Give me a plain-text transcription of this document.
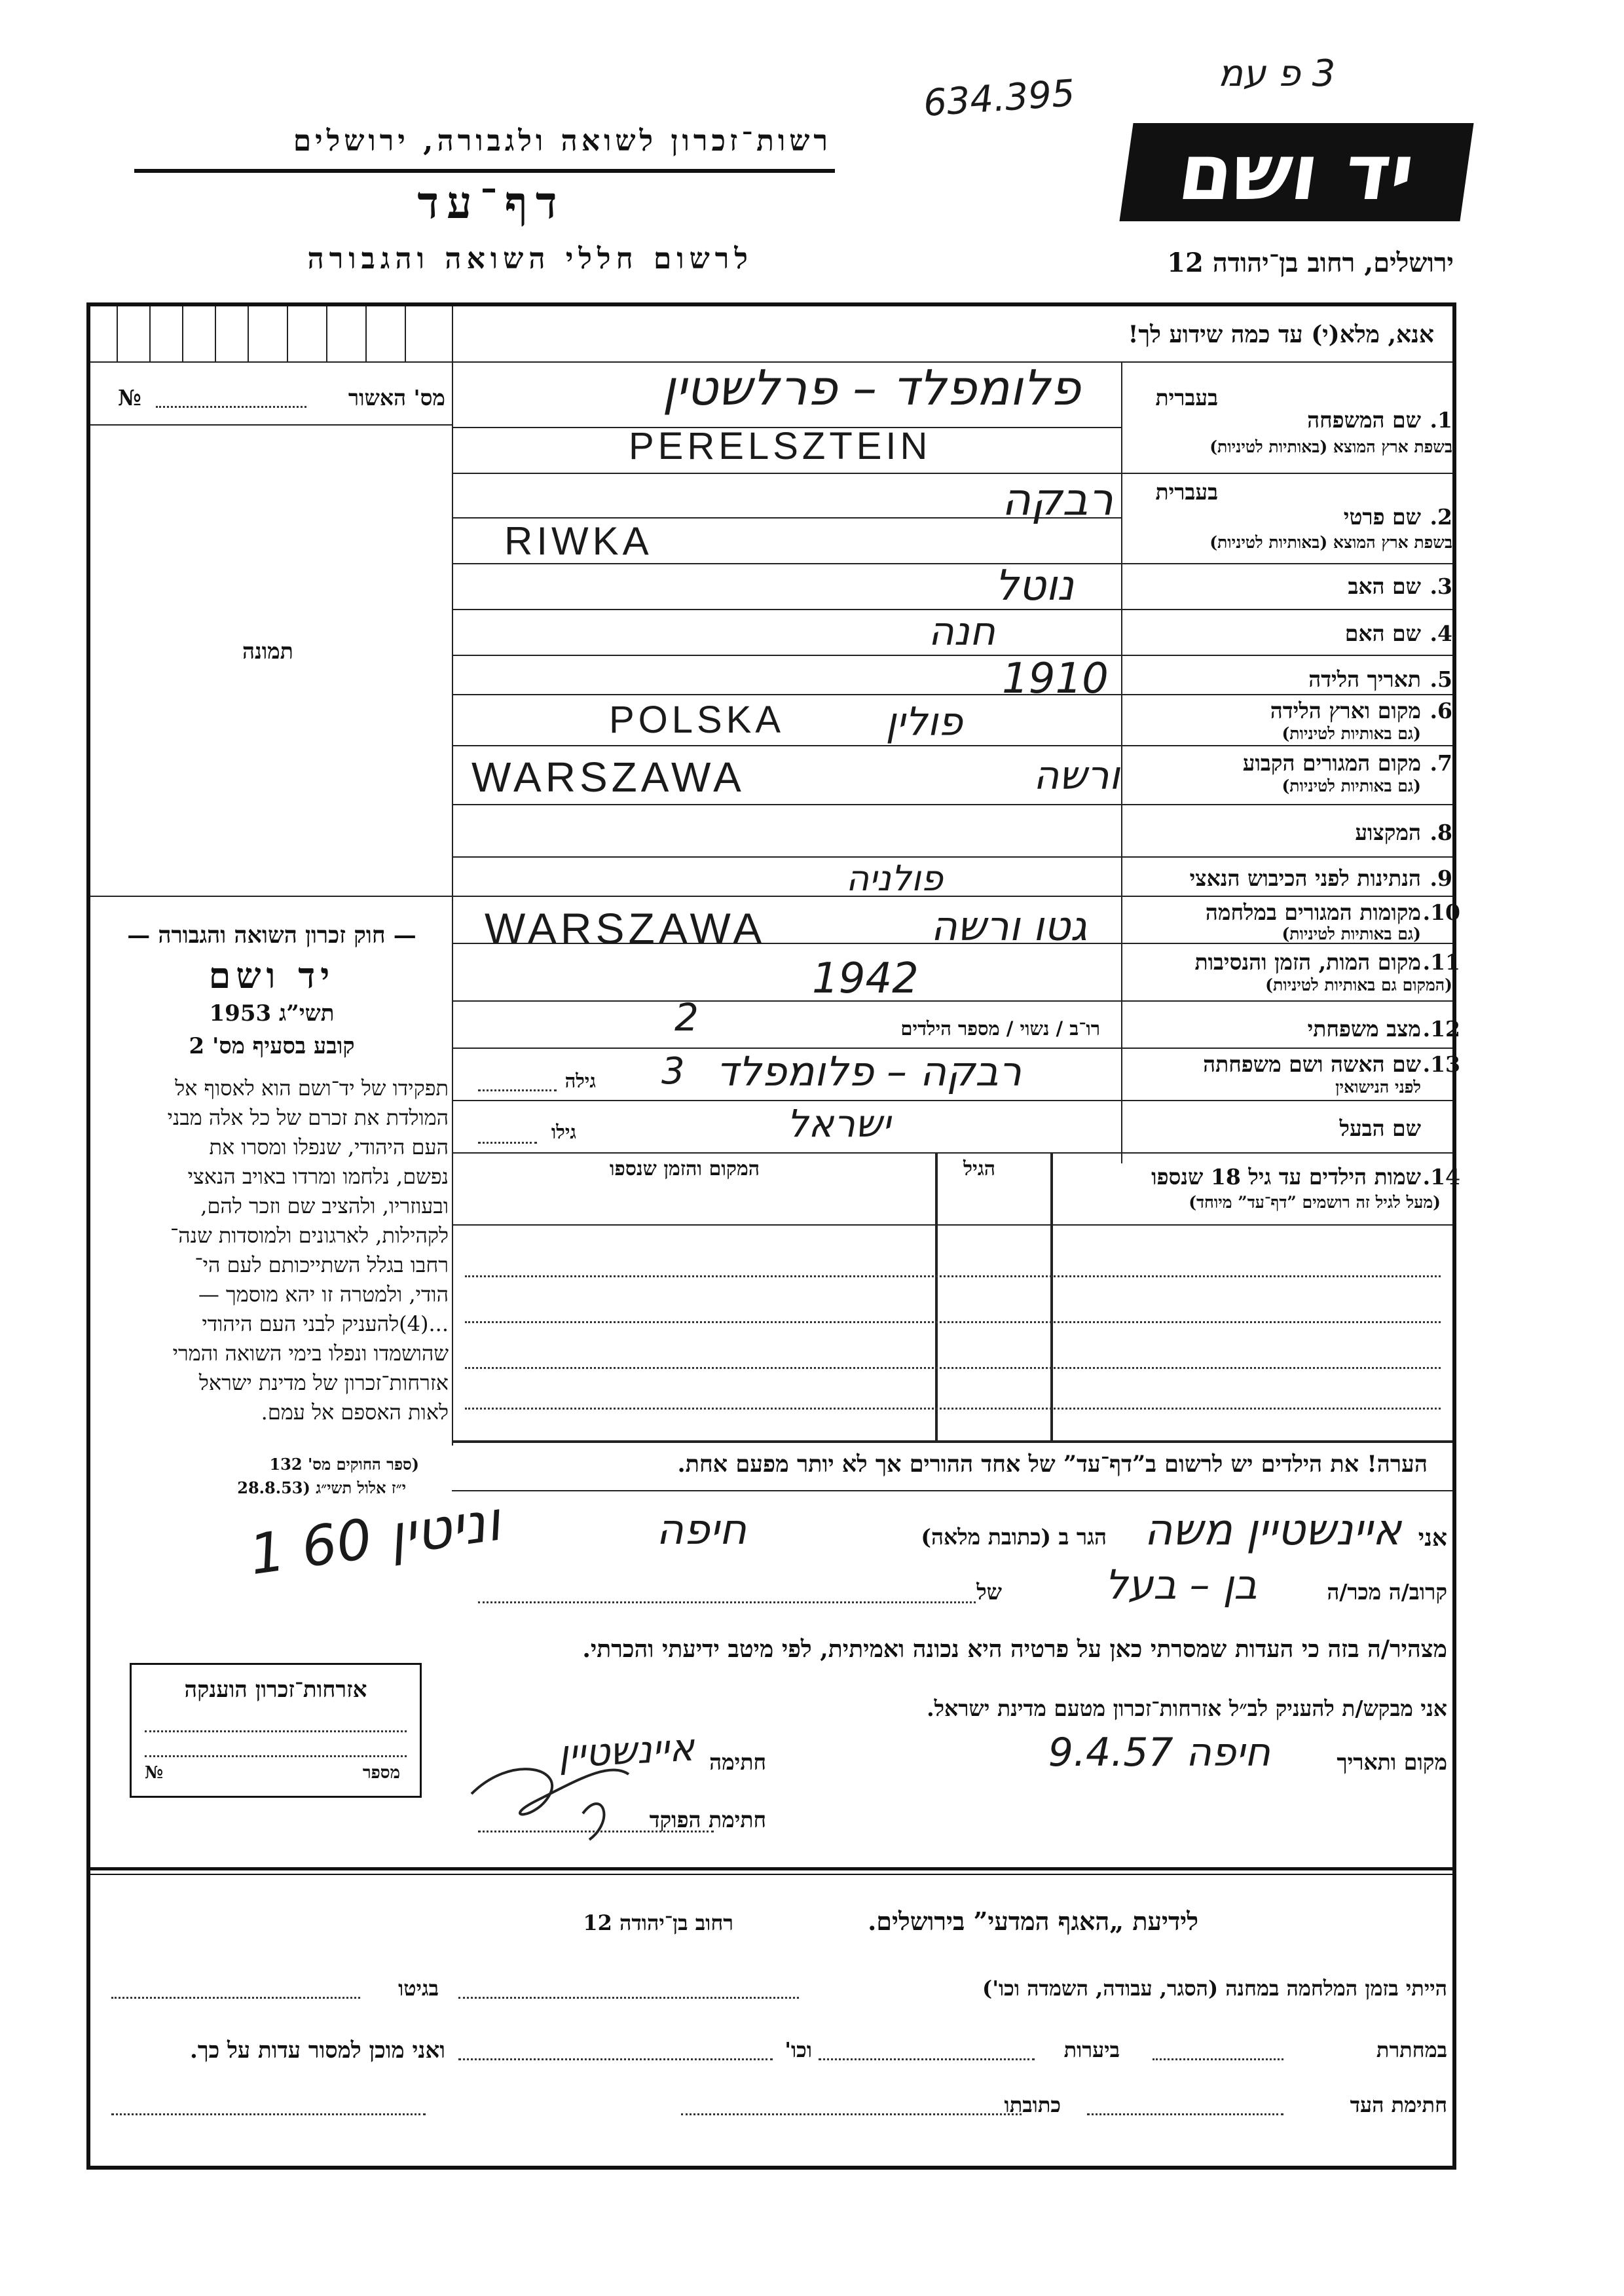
634.395	3 פ עמ
רשות־זכרון לשואה ולגבורה, ירושלים
דף־עד
לרשום חללי השואה והגבורה
יד ושם
ירושלים, רחוב בן־יהודה 12
אנא, מלא(י) עד כמה שידוע לך!
מס' האשור
№
תמונה
— חוק זכרון השואה והגבורה —
יד ושם
תשי”ג 1953
קובע בסעיף מס' 2
תפקידו של יד־ושם הוא לאסוף אל
המולדת את זכרם של כל אלה מבני
העם היהודי, שנפלו ומסרו את
נפשם, נלחמו ומרדו באויב הנאצי
ובעוזריו, ולהציב שם וזכר להם,
לקהילות, לארגונים ולמוסדות שנה־
רחבו בגלל השתייכותם לעם הי־
הודי, ולמטרה זו יהא מוסמך —
...(4)להעניק לבני העם היהודי
שהושמדו ונפלו בימי השואה והמרי
אזרחות־זכרון של מדינת ישראל
לאות האספם אל עמם.
(ספר החוקים מס' 132
י״ז אלול תשי״ג (28.8.53
1 וניטין 60
אזרחות־זכרון הוענקה
מספר
№
בעברית
1.
שם המשפחה
בשפת ארץ המוצא (באותיות לטיניות)
בעברית
2.
שם פרטי
בשפת ארץ המוצא (באותיות לטיניות)
3.
שם האב
4.
שם האם
5.
תאריך הלידה
6.
מקום וארץ הלידה
(גם באותיות לטיניות)
7.
מקום המגורים הקבוע
(גם באותיות לטיניות)
8.
המקצוע
9.
הנתינות לפני הכיבוש הנאצי
10.
מקומות המגורים במלחמה
(גם באותיות לטיניות)
11.
מקום המות, הזמן והנסיבות
(המקום גם באותיות לטיניות)
12.
מצב משפחתי
13.
שם האשה ושם משפחתה
לפני הנישואין
שם הבעל
רו־ב / נשוי / מספר הילדים
גילה
גילו
פלומפלד – פרלשטין
PERELSZTEIN
רבקה
RIWKA
נוטל
חנה
1910
פולין
POLSKA
ורשה
WARSZAWA
פולניה
גטו ורשה
WARSZAWA
1942
2
רבקה – פלומפלד
3
ישראל
14.
שמות הילדים עד גיל 18 שנספו
(מעל לגיל זה רושמים ”דף־עד” מיוחד)
הגיל
המקום והזמן שנספו
הערה! את הילדים יש לרשום ב”דף־עד” של אחד ההורים אך לא יותר מפעם אחת.
אני
איינשטיין משה
הגר ב (כתובת מלאה)
חיפה
קרוב/ה מכר/ה
בן – בעל
של
מצהיר/ה בזה כי העדות שמסרתי כאן על פרטיה היא נכונה ואמיתית, לפי מיטב ידיעתי והכרתי.
אני מבקש/ת להעניק לב״ל אזרחות־זכרון מטעם מדינת ישראל.
מקום ותאריך
חיפה 9.4.57
חתימה
איינשטיין
חתימת הפוקד
לידיעת „האגף המדעי” בירושלים.
רחוב בן־יהודה 12
הייתי בזמן המלחמה במחנה (הסגר, עבודה, השמדה וכו')
בגיטו
במחתרת
ביערות
וכו'
ואני מוכן למסור עדות על כך.
חתימת העד
כתובתו
